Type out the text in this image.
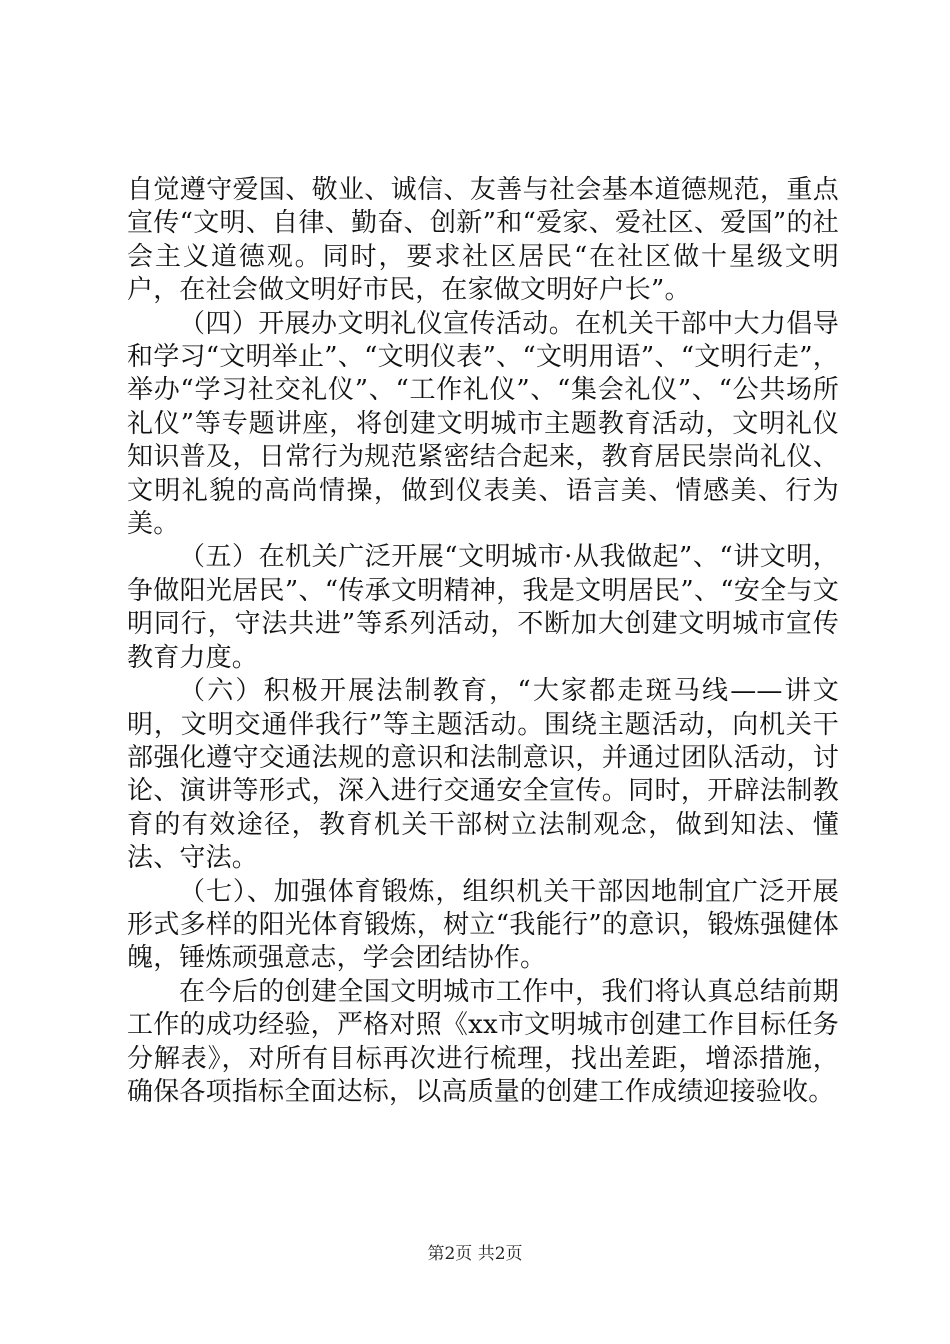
自觉遵守爱国、敬业、诚信、友善与社会基本道德规范，重点宣传“文明、自律、勤奋、创新”和“爱家、爱社区、爱国”的社会主义道德观。同时，要求社区居民“在社区做十星级文明户，在社会做文明好市民，在家做文明好户长”。

（四）开展办文明礼仪宣传活动。在机关干部中大力倡导和学习“文明举止”、“文明仪表”、“文明用语”、“文明行走”，举办“学习社交礼仪”、“工作礼仪”、“集会礼仪”、“公共场所礼仪”等专题讲座，将创建文明城市主题教育活动，文明礼仪知识普及，日常行为规范紧密结合起来，教育居民崇尚礼仪、文明礼貌的高尚情操，做到仪表美、语言美、情感美、行为美。

（五）在机关广泛开展“文明城市·从我做起”、“讲文明，争做阳光居民”、“传承文明精神，我是文明居民”、“安全与文明同行，守法共进”等系列活动，不断加大创建文明城市宣传教育力度。

（六）积极开展法制教育，“大家都走斑马线——讲文明，文明交通伴我行”等主题活动。围绕主题活动，向机关干部强化遵守交通法规的意识和法制意识，并通过团队活动，讨论、演讲等形式，深入进行交通安全宣传。同时，开辟法制教育的有效途径，教育机关干部树立法制观念，做到知法、懂法、守法。

（七）、加强体育锻炼，组织机关干部因地制宜广泛开展形式多样的阳光体育锻炼，树立“我能行”的意识，锻炼强健体魄，锤炼顽强意志，学会团结协作。

在今后的创建全国文明城市工作中，我们将认真总结前期工作的成功经验，严格对照《xx市文明城市创建工作目标任务分解表》，对所有目标再次进行梳理，找出差距，增添措施，确保各项指标全面达标，以高质量的创建工作成绩迎接验收。

第2页 共2页
